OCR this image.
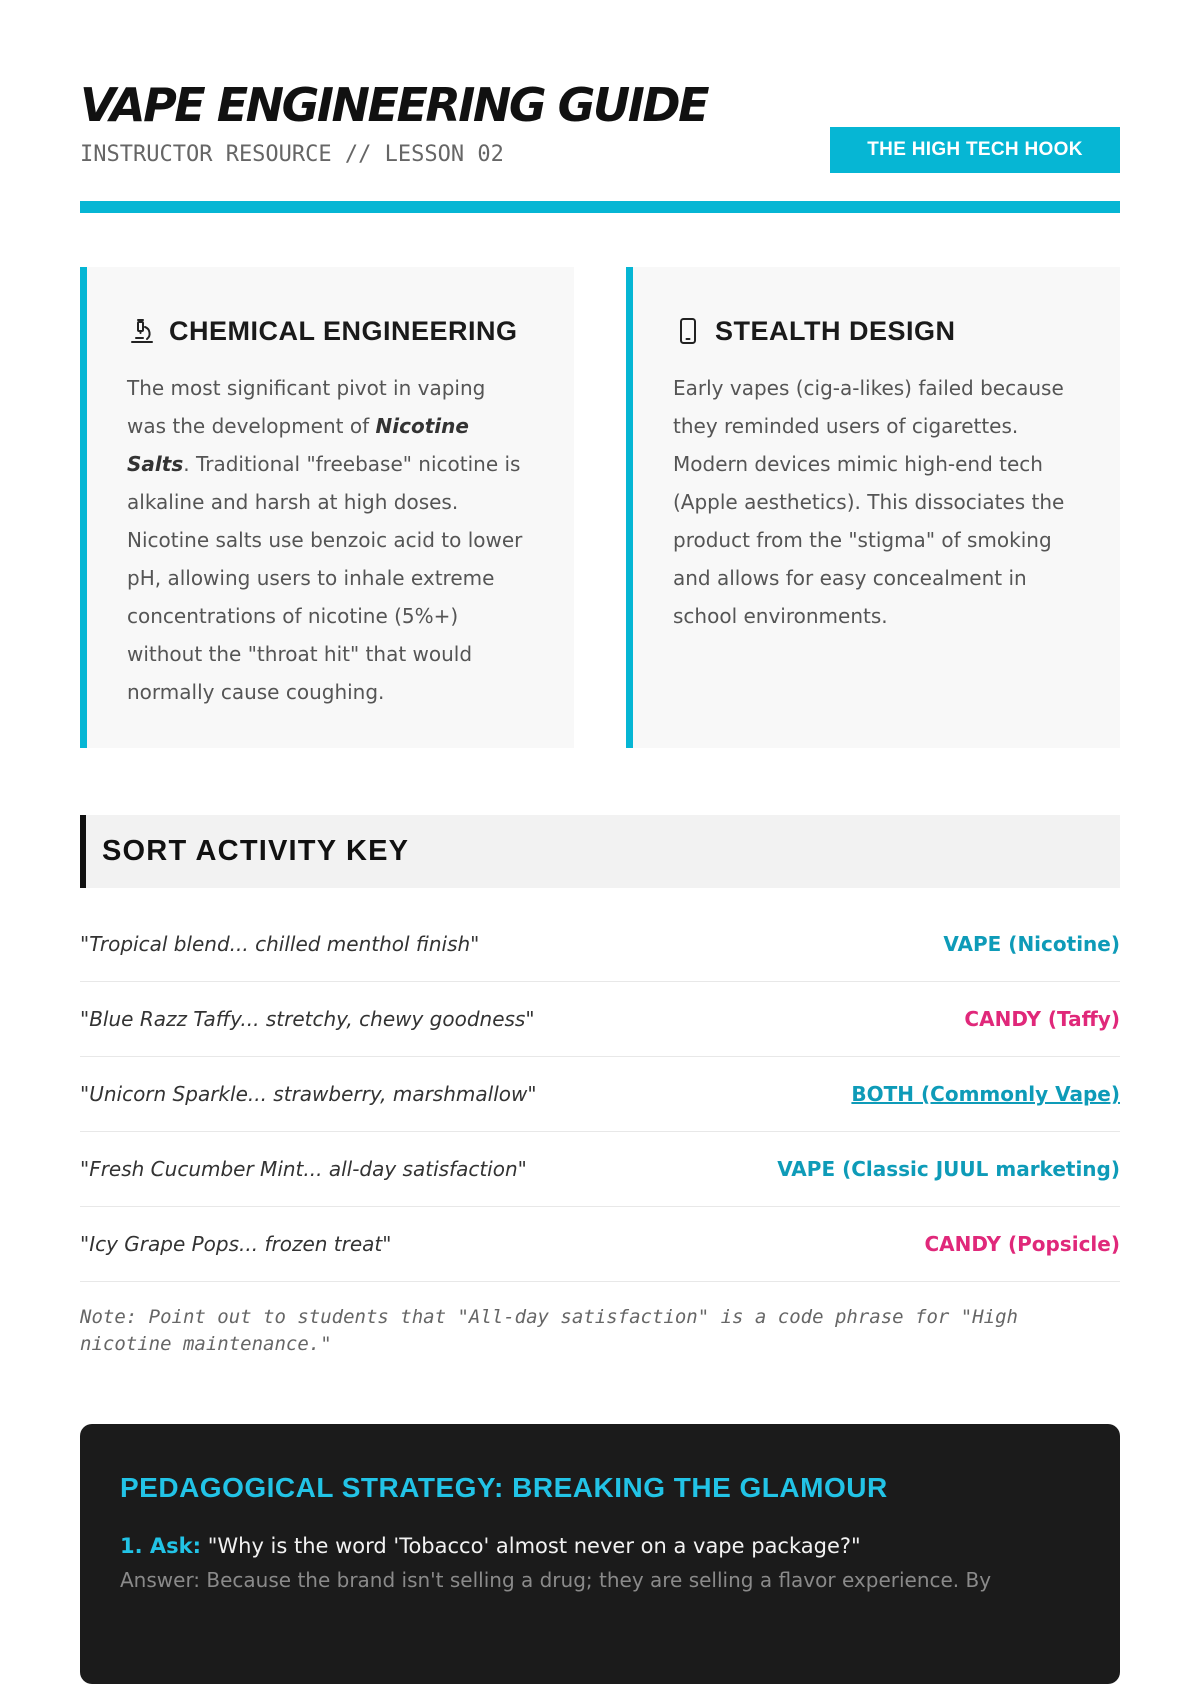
VAPE ENGINEERING GUIDE
INSTRUCTOR RESOURCE // LESSON 02	THE HIGH TECH HOOK
CHEMICAL ENGINEERING
The most significant pivot in vaping was the development of Nicotine Salts. Traditional "freebase" nicotine is alkaline and harsh at high doses. Nicotine salts use benzoic acid to lower pH, allowing users to inhale extreme concentrations of nicotine (5%+) without the "throat hit" that would normally cause coughing.
STEALTH DESIGN
Early vapes (cig-a-likes) failed because they reminded users of cigarettes. Modern devices mimic high-end tech (Apple aesthetics). This dissociates the product from the "stigma" of smoking and allows for easy concealment in school environments.
SORT ACTIVITY KEY
"Tropical blend... chilled menthol finish"	VAPE (Nicotine)
"Blue Razz Taffy... stretchy, chewy goodness"	CANDY (Taffy)
"Unicorn Sparkle... strawberry, marshmallow"	BOTH (Commonly Vape)
"Fresh Cucumber Mint... all-day satisfaction"	VAPE (Classic JUUL marketing)
"Icy Grape Pops... frozen treat"	CANDY (Popsicle)
Note: Point out to students that "All-day satisfaction" is a code phrase for "High nicotine maintenance."
PEDAGOGICAL STRATEGY: BREAKING THE GLAMOUR
1. Ask: "Why is the word 'Tobacco' almost never on a vape package?"
Answer: Because the brand isn't selling a drug; they are selling a flavor experience. By
